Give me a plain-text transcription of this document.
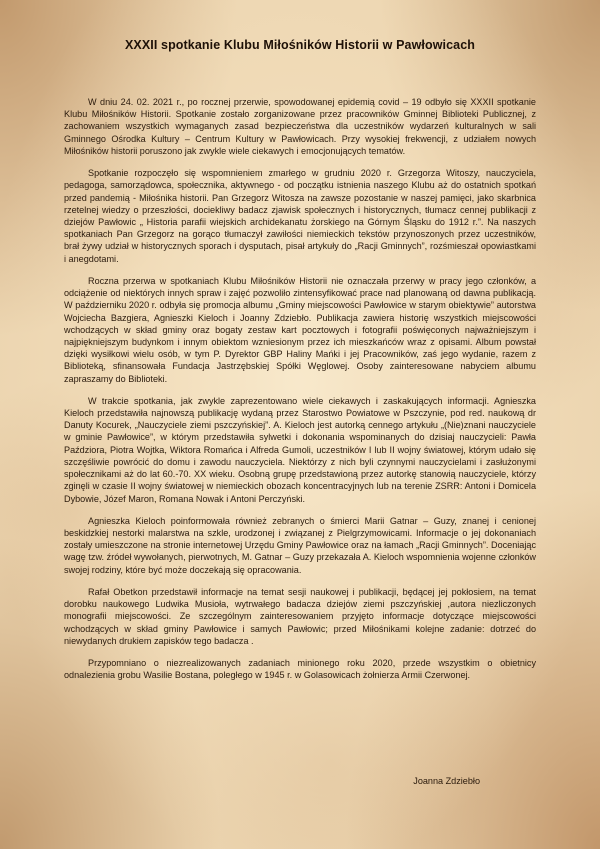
XXXII spotkanie Klubu Miłośników Historii w Pawłowicach

W dniu 24. 02. 2021 r., po rocznej przerwie, spowodowanej epidemią covid – 19 odbyło się XXXII spotkanie Klubu Miłośników Historii. Spotkanie zostało zorganizowane przez pracowników Gminnej Biblioteki Publicznej, z zachowaniem wszystkich wymaganych zasad bezpieczeństwa dla uczestników wydarzeń kulturalnych w sali Gminnego Ośrodka Kultury – Centrum Kultury w Pawłowicach. Przy wysokiej frekwencji, z udziałem nowych Miłośników historii poruszono jak zwykle wiele ciekawych i emocjonujących tematów.

Spotkanie rozpoczęło się wspomnieniem zmarłego w grudniu 2020 r. Grzegorza Witoszy, nauczyciela, pedagoga, samorządowca, społecznika, aktywnego - od początku istnienia naszego Klubu aż do ostatnich spotkań przed pandemią - Miłośnika historii. Pan Grzegorz Witosza na zawsze pozostanie w naszej pamięci, jako skarbnica rzetelnej wiedzy o przeszłości, dociekliwy badacz zjawisk społecznych i historycznych, tłumacz cennej publikacji z dziejów Pawłowic „ Historia parafii wiejskich archidekanatu żorskiego na Górnym Śląsku do 1912 r.”. Na naszych spotkaniach Pan Grzegorz na gorąco tłumaczył zawiłości niemieckich tekstów przynoszonych przez uczestników, brał żywy udział w historycznych sporach i dysputach, pisał artykuły do „Racji Gminnych”, rozśmieszał opowiastkami i anegdotami.

Roczna przerwa w spotkaniach Klubu Miłośników Historii nie oznaczała przerwy w pracy jego członków, a odciążenie od niektórych innych spraw i zajęć pozwoliło zintensyfikować prace nad planowaną od dawna publikacją. W październiku 2020 r. odbyła się promocja albumu „Gminy miejscowości Pawłowice w starym obiektywie” autorstwa Wojciecha Bazgiera, Agnieszki Kieloch i Joanny Zdziebło. Publikacja zawiera historię wszystkich miejscowości wchodzących w skład gminy oraz bogaty zestaw kart pocztowych i fotografii poświęconych najważniejszym i najpiękniejszym budynkom i innym obiektom wzniesionym przez ich mieszkańców wraz z opisami. Album powstał dzięki wysiłkowi wielu osób, w tym P. Dyrektor GBP Haliny Mańki i jej Pracowników, zaś jego wydanie, razem z Biblioteką, sfinansowała Fundacja Jastrzębskiej Spółki Węglowej. Osoby zainteresowane nabyciem albumu zapraszamy do Biblioteki.

W trakcie spotkania, jak zwykle zaprezentowano wiele ciekawych i zaskakujących informacji. Agnieszka Kieloch przedstawiła najnowszą publikację wydaną przez Starostwo Powiatowe w Pszczynie, pod red. naukową dr Danuty Kocurek, „Nauczyciele ziemi pszczyńskiej”. A. Kieloch jest autorką cennego artykułu „(Nie)znani nauczyciele w gminie Pawłowice”, w którym przedstawiła sylwetki i dokonania wspominanych do dzisiaj nauczycieli: Pawła Paździora, Piotra Wojtka, Wiktora Romańca i Alfreda Gumoli, uczestników I lub II wojny światowej, którym udało się szczęśliwie powrócić do domu i zawodu nauczyciela. Niektórzy z nich byli czynnymi nauczycielami i zasłużonymi społecznikami aż do lat 60.-70. XX wieku. Osobną grupę przedstawioną przez autorkę stanowią nauczyciele, którzy zginęli w czasie II wojny światowej w niemieckich obozach koncentracyjnych lub na terenie ZSRR: Antoni i Domicela Dybowie, Józef Maron, Romana Nowak i Antoni Perczyński.

Agnieszka Kieloch poinformowała również zebranych o śmierci Marii Gatnar – Guzy, znanej i cenionej beskidzkiej nestorki malarstwa na szkle, urodzonej i związanej z Pielgrzymowicami. Informacje o jej dokonaniach zostały umieszczone na stronie internetowej Urzędu Gminy Pawłowice oraz na łamach „Racji Gminnych”. Doceniając wagę tzw. źródeł wywołanych, pierwotnych, M. Gatnar – Guzy przekazała A. Kieloch wspomnienia wojenne członków swojej rodziny, które być może doczekają się opracowania.

Rafał Obetkon przedstawił informacje na temat sesji naukowej i publikacji, będącej jej pokłosiem, na temat dorobku naukowego Ludwika Musioła, wytrwałego badacza dziejów ziemi pszczyńskiej ,autora niezliczonych monografii miejscowości. Ze szczególnym zainteresowaniem przyjęto informacje dotyczące miejscowości wchodzących w skład gminy Pawłowice i samych Pawłowic; przed Miłośnikami kolejne zadanie: dotrzeć do niewydanych drukiem zapisków tego badacza .

Przypomniano o niezrealizowanych zadaniach minionego roku 2020, przede wszystkim o obietnicy odnalezienia grobu Wasilie Bostana, poległego w 1945 r. w Golasowicach żołnierza Armii Czerwonej.

Joanna Zdziebło
